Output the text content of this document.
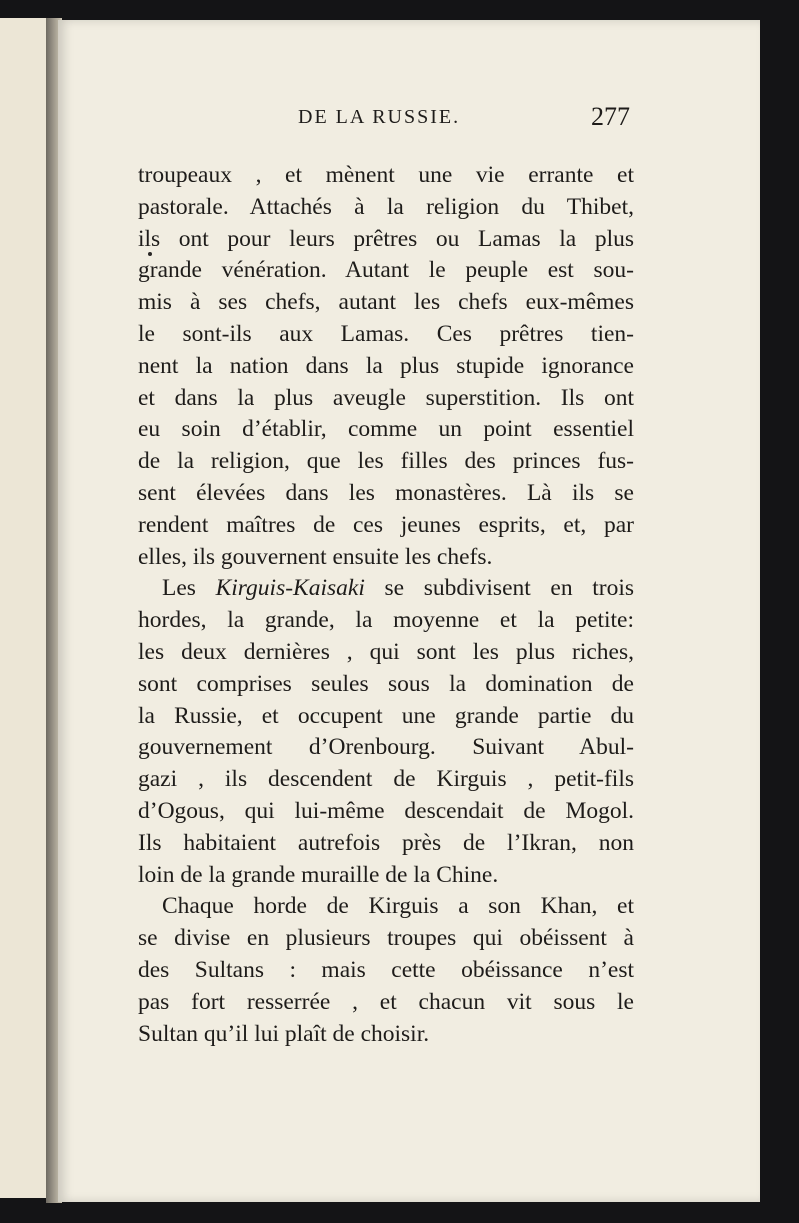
DE LA RUSSIE.	277
troupeaux , et mènent une vie errante et
pastorale. Attachés à la religion du Thibet,
ils ont pour leurs prêtres ou Lamas la plus
grande vénération. Autant le peuple est sou-
mis à ses chefs, autant les chefs eux-mêmes
le sont-ils aux Lamas. Ces prêtres tien-
nent la nation dans la plus stupide ignorance
et dans la plus aveugle superstition. Ils ont
eu soin d’établir, comme un point essentiel
de la religion, que les filles des princes fus-
sent élevées dans les monastères. Là ils se
rendent maîtres de ces jeunes esprits, et, par
elles, ils gouvernent ensuite les chefs.
Les Kirguis-Kaisaki se subdivisent en trois
hordes, la grande, la moyenne et la petite:
les deux dernières , qui sont les plus riches,
sont comprises seules sous la domination de
la Russie, et occupent une grande partie du
gouvernement d’Orenbourg. Suivant Abul-
gazi , ils descendent de Kirguis , petit-fils
d’Ogous, qui lui-même descendait de Mogol.
Ils habitaient autrefois près de l’Ikran, non
loin de la grande muraille de la Chine.
Chaque horde de Kirguis a son Khan, et
se divise en plusieurs troupes qui obéissent à
des Sultans : mais cette obéissance n’est
pas fort resserrée , et chacun vit sous le
Sultan qu’il lui plaît de choisir.
